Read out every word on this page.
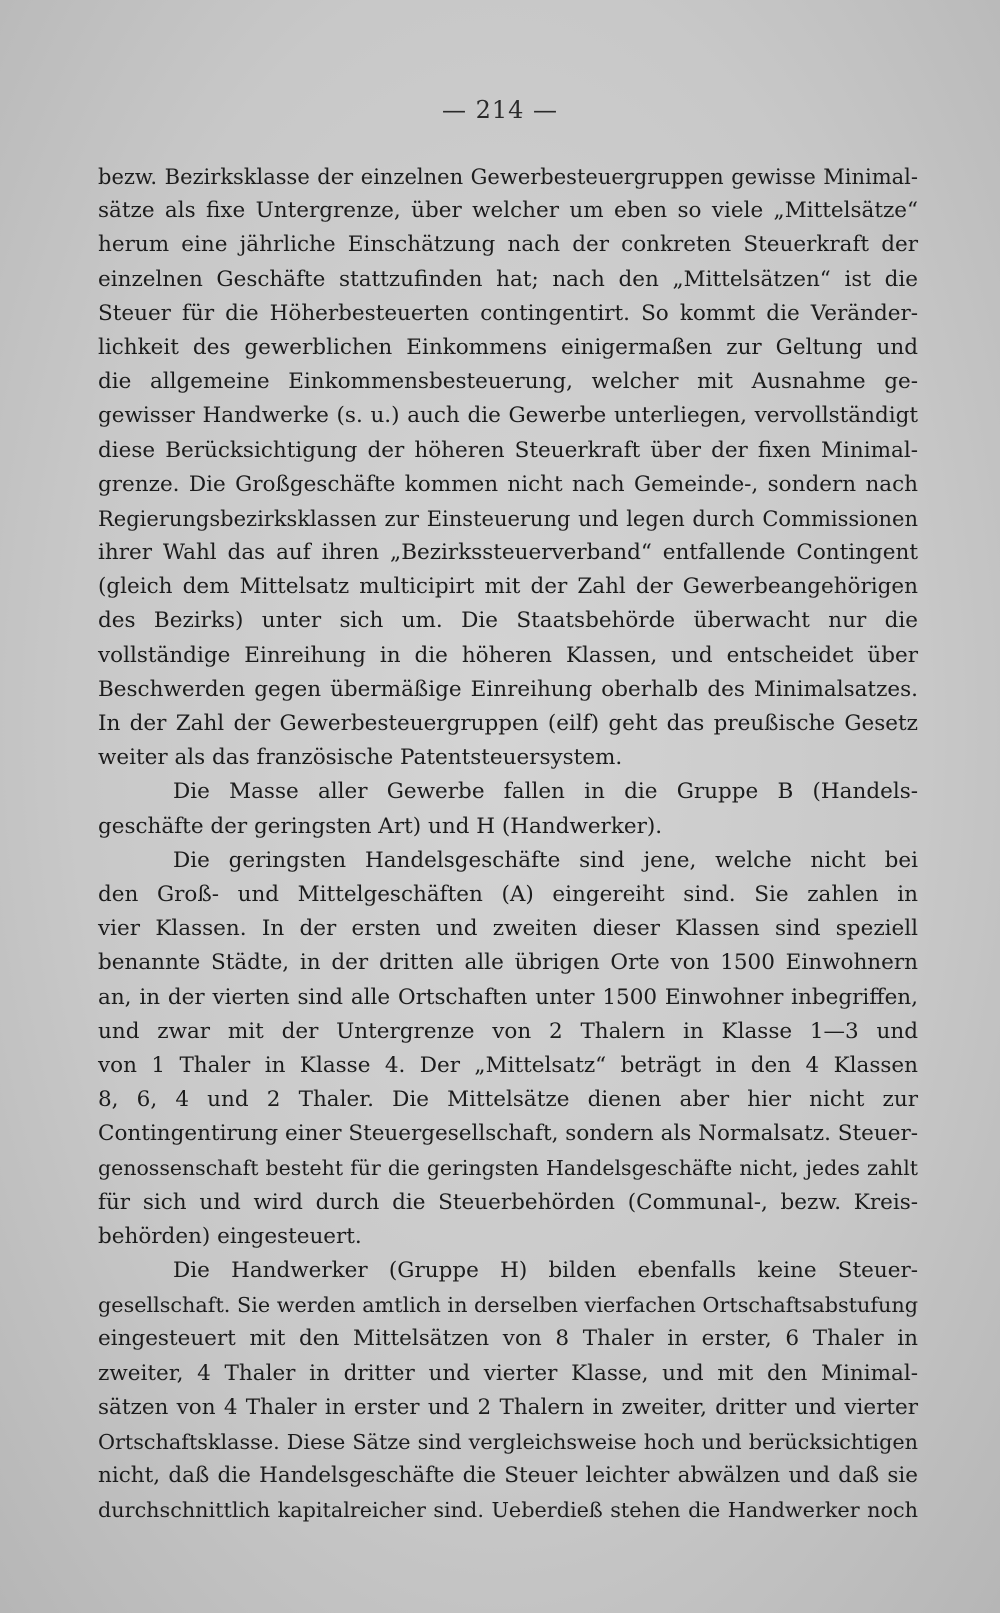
— 214 —
bezw. Bezirksklasse der einzelnen Gewerbesteuergruppen gewisse Minimal-
sätze als fixe Untergrenze, über welcher um eben so viele „Mittelsätze“
herum eine jährliche Einschätzung nach der conkreten Steuerkraft der
einzelnen Geschäfte stattzufinden hat; nach den „Mittelsätzen“ ist die
Steuer für die Höherbesteuerten contingentirt. So kommt die Veränder-
lichkeit des gewerblichen Einkommens einigermaßen zur Geltung und
die allgemeine Einkommensbesteuerung, welcher mit Ausnahme ge-
gewisser Handwerke (s. u.) auch die Gewerbe unterliegen, vervollständigt
diese Berücksichtigung der höheren Steuerkraft über der fixen Minimal-
grenze. Die Großgeschäfte kommen nicht nach Gemeinde-, sondern nach
Regierungsbezirksklassen zur Einsteuerung und legen durch Commissionen
ihrer Wahl das auf ihren „Bezirkssteuerverband“ entfallende Contingent
(gleich dem Mittelsatz multicipirt mit der Zahl der Gewerbeangehörigen
des Bezirks) unter sich um. Die Staatsbehörde überwacht nur die
vollständige Einreihung in die höheren Klassen, und entscheidet über
Beschwerden gegen übermäßige Einreihung oberhalb des Minimalsatzes.
In der Zahl der Gewerbesteuergruppen (eilf) geht das preußische Gesetz
weiter als das französische Patentsteuersystem.
Die Masse aller Gewerbe fallen in die Gruppe B (Handels-
geschäfte der geringsten Art) und H (Handwerker).
Die geringsten Handelsgeschäfte sind jene, welche nicht bei
den Groß- und Mittelgeschäften (A) eingereiht sind. Sie zahlen in
vier Klassen. In der ersten und zweiten dieser Klassen sind speziell
benannte Städte, in der dritten alle übrigen Orte von 1500 Einwohnern
an, in der vierten sind alle Ortschaften unter 1500 Einwohner inbegriffen,
und zwar mit der Untergrenze von 2 Thalern in Klasse 1—3 und
von 1 Thaler in Klasse 4. Der „Mittelsatz“ beträgt in den 4 Klassen
8, 6, 4 und 2 Thaler. Die Mittelsätze dienen aber hier nicht zur
Contingentirung einer Steuergesellschaft, sondern als Normalsatz. Steuer-
genossenschaft besteht für die geringsten Handelsgeschäfte nicht, jedes zahlt
für sich und wird durch die Steuerbehörden (Communal-, bezw. Kreis-
behörden) eingesteuert.
Die Handwerker (Gruppe H) bilden ebenfalls keine Steuer-
gesellschaft. Sie werden amtlich in derselben vierfachen Ortschaftsabstufung
eingesteuert mit den Mittelsätzen von 8 Thaler in erster, 6 Thaler in
zweiter, 4 Thaler in dritter und vierter Klasse, und mit den Minimal-
sätzen von 4 Thaler in erster und 2 Thalern in zweiter, dritter und vierter
Ortschaftsklasse. Diese Sätze sind vergleichsweise hoch und berücksichtigen
nicht, daß die Handelsgeschäfte die Steuer leichter abwälzen und daß sie
durchschnittlich kapitalreicher sind. Ueberdieß stehen die Handwerker noch
